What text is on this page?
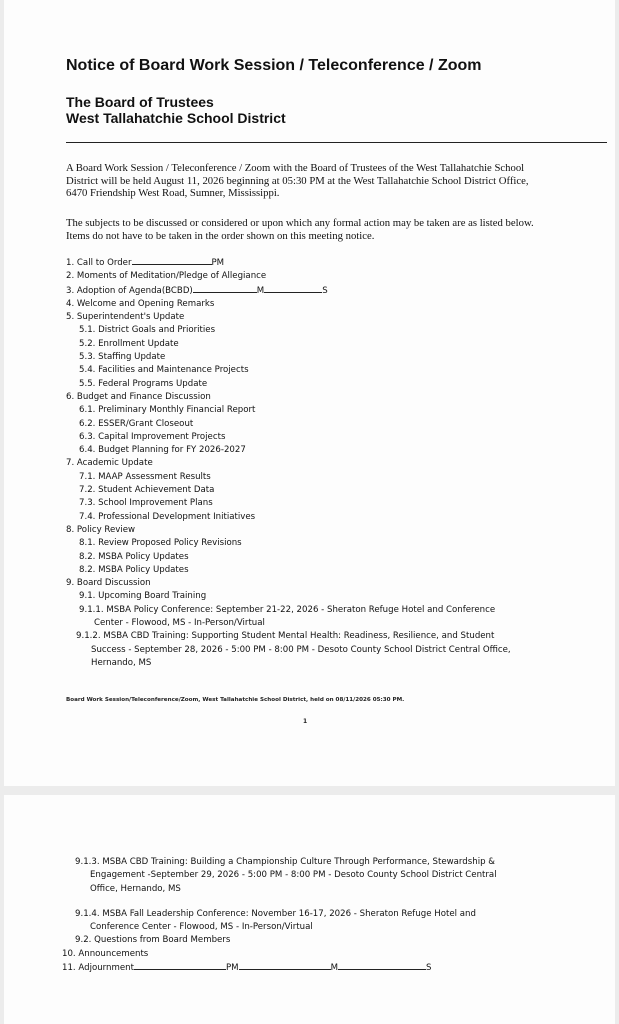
Notice of Board Work Session / Teleconference / Zoom
The Board of Trustees
West Tallahatchie School District
A Board Work Session / Teleconference / Zoom with the Board of Trustees of the West Tallahatchie School District will be held August 11, 2026 beginning at 05:30 PM at the West Tallahatchie School District Office, 6470 Friendship West Road, Sumner, Mississippi.
The subjects to be discussed or considered or upon which any formal action may be taken are as listed below. Items do not have to be taken in the order shown on this meeting notice.
1. Call to Order	PM
2. Moments of Meditation/Pledge of Allegiance
3. Adoption of Agenda(BCBD)	M	S
4. Welcome and Opening Remarks
5. Superintendent's Update
5.1. District Goals and Priorities
5.2. Enrollment Update
5.3. Staffing Update
5.4. Facilities and Maintenance Projects
5.5. Federal Programs Update
6. Budget and Finance Discussion
6.1. Preliminary Monthly Financial Report
6.2. ESSER/Grant Closeout
6.3. Capital Improvement Projects
6.4. Budget Planning for FY 2026-2027
7. Academic Update
7.1. MAAP Assessment Results
7.2. Student Achievement Data
7.3. School Improvement Plans
7.4. Professional Development Initiatives
8. Policy Review
8.1. Review Proposed Policy Revisions
8.2. MSBA Policy Updates
8.2. MSBA Policy Updates
9. Board Discussion
9.1. Upcoming Board Training
9.1.1. MSBA Policy Conference: September 21-22, 2026 - Sheraton Refuge Hotel and Conference
Center - Flowood, MS - In-Person/Virtual
9.1.2. MSBA CBD Training: Supporting Student Mental Health: Readiness, Resilience, and Student
Success - September 28, 2026 - 5:00 PM - 8:00 PM - Desoto County School District Central Office,
Hernando, MS
Board Work Session/Teleconference/Zoom, West Tallahatchie School District, held on 08/11/2026 05:30 PM.
1
9.1.3. MSBA CBD Training: Building a Championship Culture Through Performance, Stewardship &
Engagement -September 29, 2026 - 5:00 PM - 8:00 PM - Desoto County School District Central
Office, Hernando, MS
9.1.4. MSBA Fall Leadership Conference: November 16-17, 2026 - Sheraton Refuge Hotel and
Conference Center - Flowood, MS - In-Person/Virtual
9.2. Questions from Board Members
10. Announcements
11. Adjournment	PM	M	S
